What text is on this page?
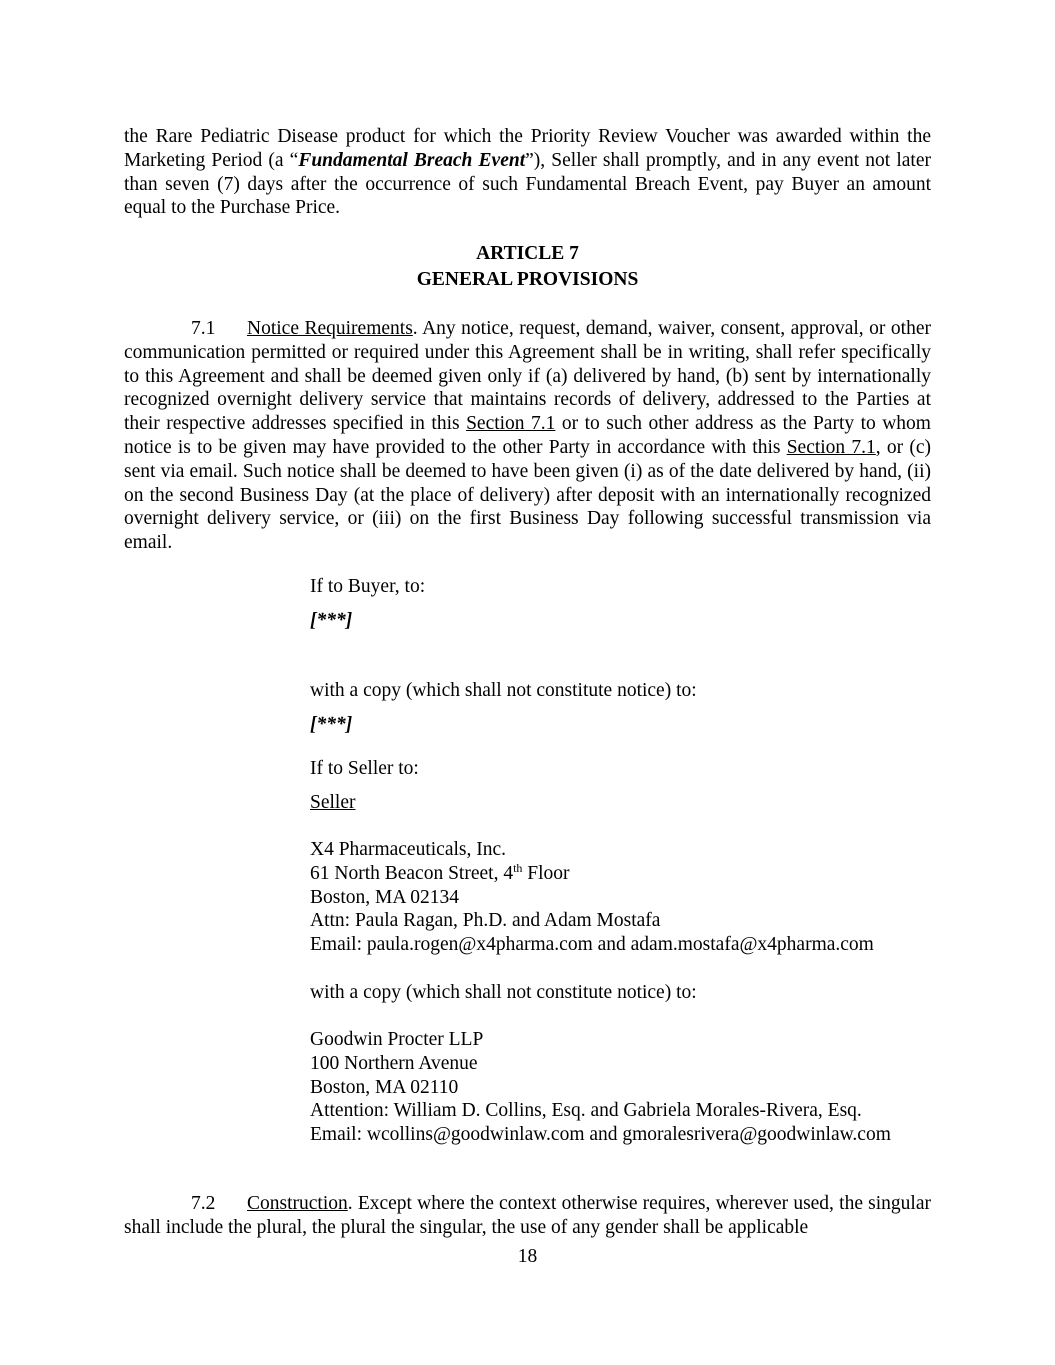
the Rare Pediatric Disease product for which the Priority Review Voucher was awarded within the Marketing Period (a “Fundamental Breach Event”), Seller shall promptly, and in any event not later than seven (7) days after the occurrence of such Fundamental Breach Event, pay Buyer an amount equal to the Purchase Price.
ARTICLE 7
GENERAL PROVISIONS
7.1 Notice Requirements. Any notice, request, demand, waiver, consent, approval, or other communication permitted or required under this Agreement shall be in writing, shall refer specifically to this Agreement and shall be deemed given only if (a) delivered by hand, (b) sent by internationally recognized overnight delivery service that maintains records of delivery, addressed to the Parties at their respective addresses specified in this Section 7.1 or to such other address as the Party to whom notice is to be given may have provided to the other Party in accordance with this Section 7.1, or (c) sent via email. Such notice shall be deemed to have been given (i) as of the date delivered by hand, (ii) on the second Business Day (at the place of delivery) after deposit with an internationally recognized overnight delivery service, or (iii) on the first Business Day following successful transmission via email.
If to Buyer, to:
[***]
with a copy (which shall not constitute notice) to:
[***]
If to Seller to:
Seller
X4 Pharmaceuticals, Inc.
61 North Beacon Street, 4th Floor
Boston, MA 02134
Attn: Paula Ragan, Ph.D. and Adam Mostafa
Email: paula.rogen@x4pharma.com and adam.mostafa@x4pharma.com
with a copy (which shall not constitute notice) to:
Goodwin Procter LLP
100 Northern Avenue
Boston, MA 02110
Attention: William D. Collins, Esq. and Gabriela Morales-Rivera, Esq.
Email: wcollins@goodwinlaw.com and gmoralesrivera@goodwinlaw.com
7.2 Construction. Except where the context otherwise requires, wherever used, the singular shall include the plural, the plural the singular, the use of any gender shall be applicable
18
